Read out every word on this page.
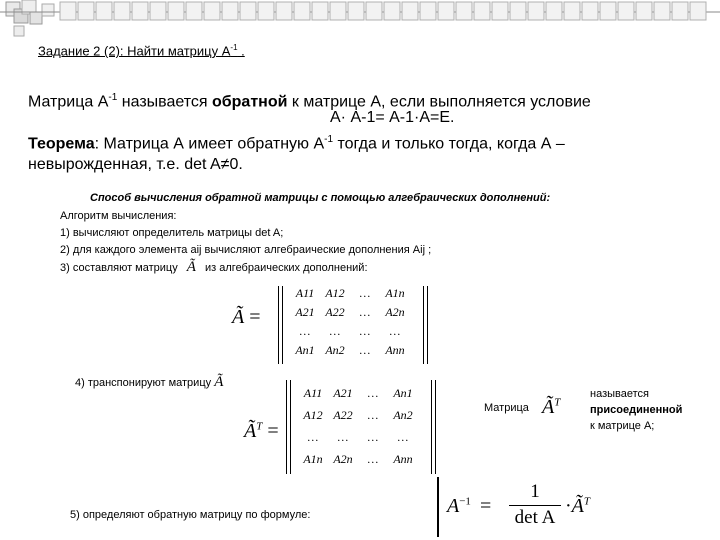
Задание 2 (2): Найти матрицу $А^{-1}$ .
Матрица $А^{-1}$ называется обратной к матрице А, если выполняется условие
А· А-1= А-1·А=Е.
Теорема: Матрица А имеет обратную $А^{-1}$ тогда и только тогда, когда А –
невырожденная, т.е. det A≠0.
Способ вычисления обратной матрицы с помощью алгебраических дополнений:
Алгоритм вычисления:
1) вычисляют определитель матрицы det A;
2) для каждого элемента аij вычисляют алгебраические дополнения Aij ;
3) составляют матрицу Ã из алгебраических дополнений:
Ã =
A11	A12	…	A1n
A21	A22	…	A2n
…	…	…	…
An1	An2	…	Ann
4) транспонируют матрицу Ã
$Ã^T$ =
A11	A21	…	An1
A12	A22	…	An2
…	…	…	…
A1n	A2n	…	Ann
Матрица $Ã^T$
называется
присоединенной
к матрице А;
5) определяют обратную матрицу по формуле:	$A^{-1}$ =
1
det A
$\cdot Ã^T$
